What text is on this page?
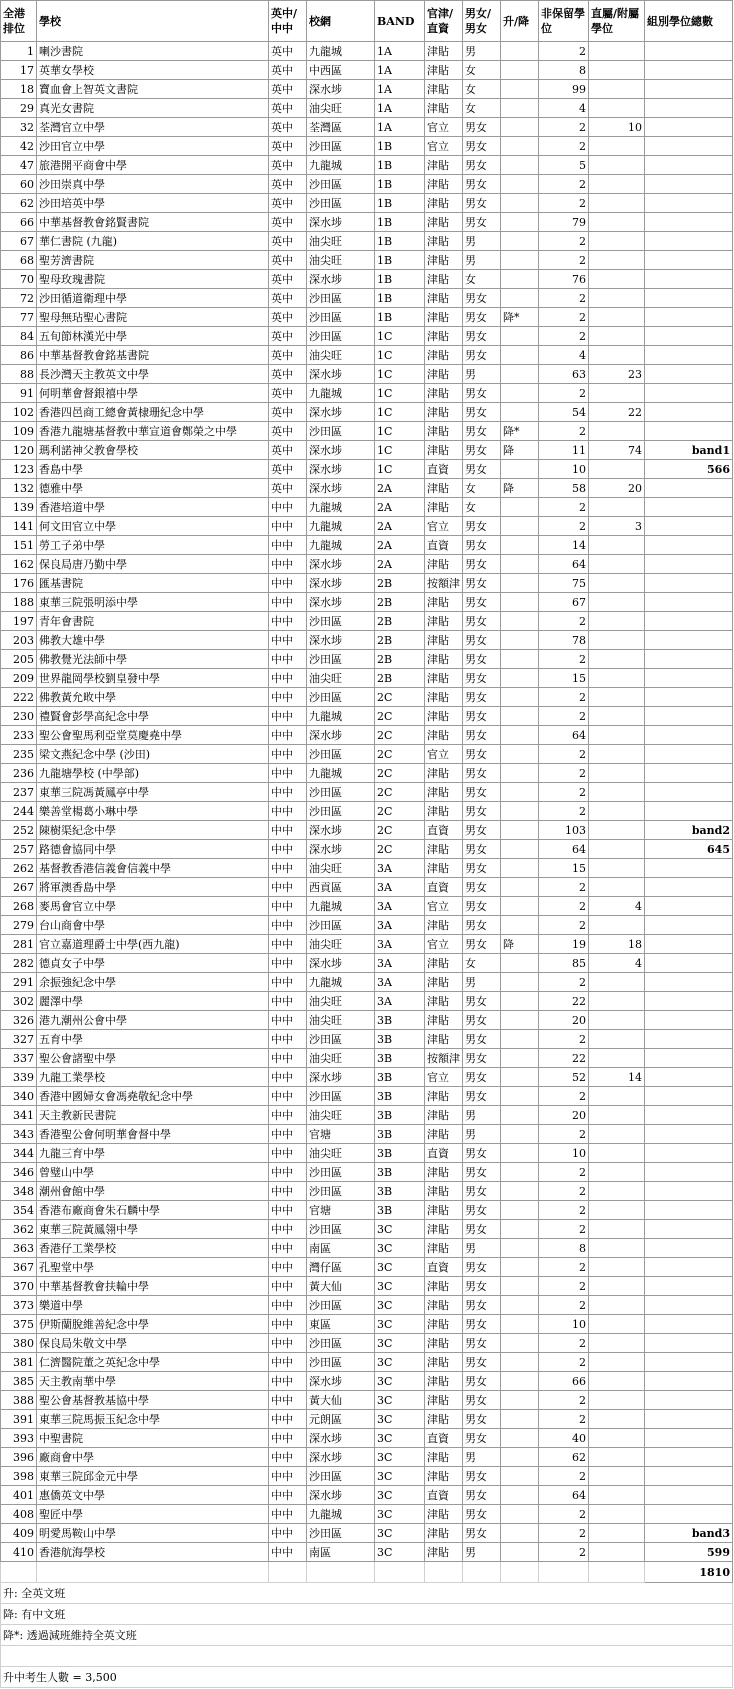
全港排位	學校	英中/中中	校網	BAND	官津/直資	男女/男女	升/降	非保留學位	直屬/附屬學位	組別學位總數
1	喇沙書院	英中	九龍城	1A	津貼	男		2		
17	英華女學校	英中	中西區	1A	津貼	女		8		
18	寶血會上智英文書院	英中	深水埗	1A	津貼	女		99		
29	真光女書院	英中	油尖旺	1A	津貼	女		4		
32	荃灣官立中學	英中	荃灣區	1A	官立	男女		2	10	
42	沙田官立中學	英中	沙田區	1B	官立	男女		2		
47	旅港開平商會中學	英中	九龍城	1B	津貼	男女		5		
60	沙田崇真中學	英中	沙田區	1B	津貼	男女		2		
62	沙田培英中學	英中	沙田區	1B	津貼	男女		2		
66	中華基督教會銘賢書院	英中	深水埗	1B	津貼	男女		79		
67	華仁書院 (九龍)	英中	油尖旺	1B	津貼	男		2		
68	聖芳濟書院	英中	油尖旺	1B	津貼	男		2		
70	聖母玫瑰書院	英中	深水埗	1B	津貼	女		76		
72	沙田循道衛理中學	英中	沙田區	1B	津貼	男女		2		
77	聖母無玷聖心書院	英中	沙田區	1B	津貼	男女	降*	2		
84	五旬節林漢光中學	英中	沙田區	1C	津貼	男女		2		
86	中華基督教會銘基書院	英中	油尖旺	1C	津貼	男女		4		
88	長沙灣天主教英文中學	英中	深水埗	1C	津貼	男		63	23	
91	何明華會督銀禧中學	英中	九龍城	1C	津貼	男女		2		
102	香港四邑商工總會黃棣珊紀念中學	英中	深水埗	1C	津貼	男女		54	22	
109	香港九龍塘基督教中華宣道會鄭榮之中學	英中	沙田區	1C	津貼	男女	降*	2		
120	瑪利諾神父教會學校	英中	深水埗	1C	津貼	男女	降	11	74	band1
123	香島中學	英中	深水埗	1C	直資	男女		10		566
132	德雅中學	英中	深水埗	2A	津貼	女	降	58	20	
139	香港培道中學	中中	九龍城	2A	津貼	女		2		
141	何文田官立中學	中中	九龍城	2A	官立	男女		2	3	
151	勞工子弟中學	中中	九龍城	2A	直資	男女		14		
162	保良局唐乃勤中學	中中	深水埗	2A	津貼	男女		64		
176	匯基書院	中中	深水埗	2B	按額津	男女		75		
188	東華三院張明添中學	中中	深水埗	2B	津貼	男女		67		
197	青年會書院	中中	沙田區	2B	津貼	男女		2		
203	佛教大雄中學	中中	深水埗	2B	津貼	男女		78		
205	佛教覺光法師中學	中中	沙田區	2B	津貼	男女		2		
209	世界龍岡學校劉皇發中學	中中	油尖旺	2B	津貼	男女		15		
222	佛教黃允畋中學	中中	沙田區	2C	津貼	男女		2		
230	禮賢會彭學高紀念中學	中中	九龍城	2C	津貼	男女		2		
233	聖公會聖馬利亞堂莫慶堯中學	中中	深水埗	2C	津貼	男女		64		
235	梁文燕紀念中學 (沙田)	中中	沙田區	2C	官立	男女		2		
236	九龍塘學校 (中學部)	中中	九龍城	2C	津貼	男女		2		
237	東華三院馮黃鳳亭中學	中中	沙田區	2C	津貼	男女		2		
244	樂善堂楊葛小琳中學	中中	沙田區	2C	津貼	男女		2		
252	陳樹渠紀念中學	中中	深水埗	2C	直資	男女		103		band2
257	路德會協同中學	中中	深水埗	2C	津貼	男女		64		645
262	基督教香港信義會信義中學	中中	油尖旺	3A	津貼	男女		15		
267	將軍澳香島中學	中中	西貢區	3A	直資	男女		2		
268	麥馬會官立中學	中中	九龍城	3A	官立	男女		2	4	
279	台山商會中學	中中	沙田區	3A	津貼	男女		2		
281	官立嘉道理爵士中學(西九龍)	中中	油尖旺	3A	官立	男女	降	19	18	
282	德貞女子中學	中中	深水埗	3A	津貼	女		85	4	
291	余振強紀念中學	中中	九龍城	3A	津貼	男		2		
302	麗澤中學	中中	油尖旺	3A	津貼	男女		22		
326	港九潮州公會中學	中中	油尖旺	3B	津貼	男女		20		
327	五育中學	中中	沙田區	3B	津貼	男女		2		
337	聖公會諸聖中學	中中	油尖旺	3B	按額津	男女		22		
339	九龍工業學校	中中	深水埗	3B	官立	男女		52	14	
340	香港中國婦女會馮堯敬紀念中學	中中	沙田區	3B	津貼	男女		2		
341	天主教新民書院	中中	油尖旺	3B	津貼	男		20		
343	香港聖公會何明華會督中學	中中	官塘	3B	津貼	男		2		
344	九龍三育中學	中中	油尖旺	3B	直資	男女		10		
346	曾璧山中學	中中	沙田區	3B	津貼	男女		2		
348	潮州會館中學	中中	沙田區	3B	津貼	男女		2		
354	香港布廠商會朱石麟中學	中中	官塘	3B	津貼	男女		2		
362	東華三院黃鳳翎中學	中中	沙田區	3C	津貼	男女		2		
363	香港仔工業學校	中中	南區	3C	津貼	男		8		
367	孔聖堂中學	中中	灣仔區	3C	直資	男女		2		
370	中華基督教會扶輪中學	中中	黃大仙	3C	津貼	男女		2		
373	樂道中學	中中	沙田區	3C	津貼	男女		2		
375	伊斯蘭脫維善紀念中學	中中	東區	3C	津貼	男女		10		
380	保良局朱敬文中學	中中	沙田區	3C	津貼	男女		2		
381	仁濟醫院董之英紀念中學	中中	沙田區	3C	津貼	男女		2		
385	天主教南華中學	中中	深水埗	3C	津貼	男女		66		
388	聖公會基督教基協中學	中中	黃大仙	3C	津貼	男女		2		
391	東華三院馬振玉紀念中學	中中	元朗區	3C	津貼	男女		2		
393	中聖書院	中中	深水埗	3C	直資	男女		40		
396	廠商會中學	中中	深水埗	3C	津貼	男		62		
398	東華三院邱金元中學	中中	沙田區	3C	津貼	男女		2		
401	惠僑英文中學	中中	深水埗	3C	直資	男女		64		
408	聖匠中學	中中	九龍城	3C	津貼	男女		2		
409	明愛馬鞍山中學	中中	沙田區	3C	津貼	男女		2		band3
410	香港航海學校	中中	南區	3C	津貼	男		2		599
										1810
升: 全英文班										
降: 有中文班										
降*: 透過減班維持全英文班										

升中考生人數 = 3,500										
